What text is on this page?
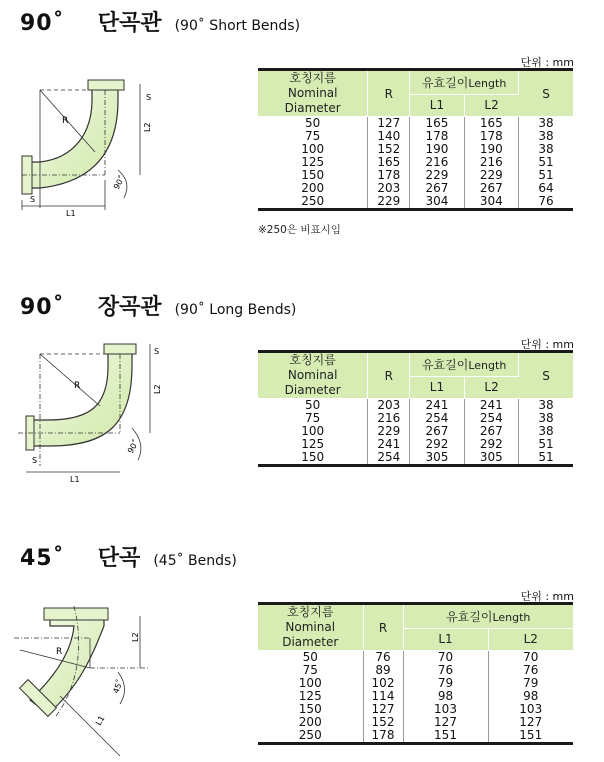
90˚ 단곡관 (90˚ Short Bends)
단위 : mm
R
S
L2
S
L1
90˚
호칭지름
Nominal Diameter	R	유효길이Length		S
		L1	L2	
50	127	165	165	38
75	140	178	178	38
100	152	190	190	38
125	165	216	216	51
150	178	229	229	51
200	203	267	267	64
250	229	304	304	76
※250은 비표시임
90˚ 장곡관 (90˚ Long Bends)
단위 : mm
R
S
L2
S
L1
90˚
호칭지름
Nominal Diameter	R	유효길이Length		S
		L1	L2	
50	203	241	241	38
75	216	254	254	38
100	229	267	267	38
125	241	292	292	51
150	254	305	305	51
45˚ 단곡 (45˚ Bends)
단위 : mm
R
L2
L1
45˚
호칭지름
Nominal Diameter	R	유효길이Length	
		L1	L2
50	76	70	70
75	89	76	76
100	102	79	79
125	114	98	98
150	127	103	103
200	152	127	127
250	178	151	151
